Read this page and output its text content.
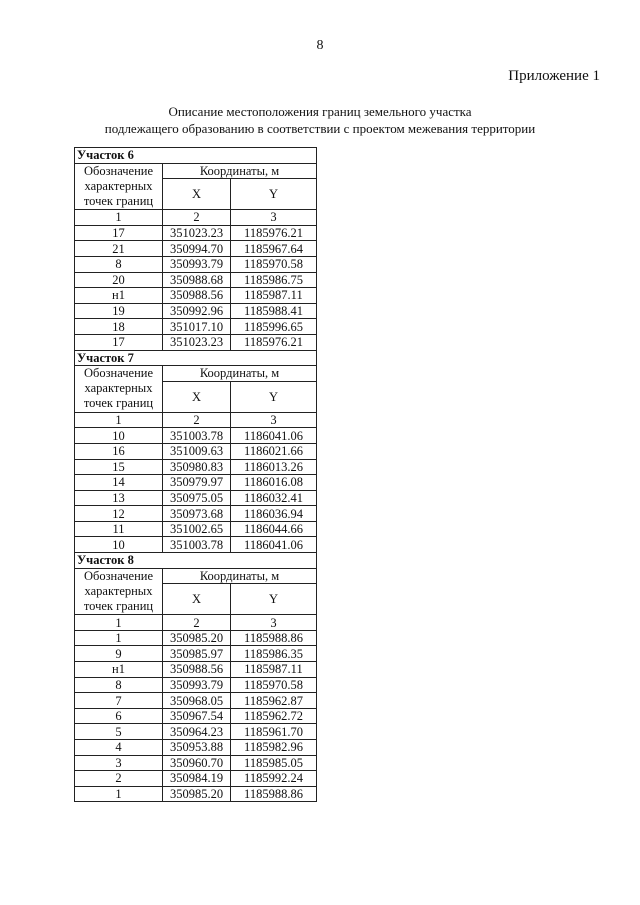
8
Приложение 1
Описание местоположения границ земельного участка
подлежащего образованию в соответствии с проектом межевания территории
Участок 6		

Обозначение
характерных
точек границ	Координаты, м	
	X	Y
1	2	3
17	351023.23	1185976.21
21	350994.70	1185967.64
8	350993.79	1185970.58
20	350988.68	1185986.75
н1	350988.56	1185987.11
19	350992.96	1185988.41
18	351017.10	1185996.65
17	351023.23	1185976.21
Участок 7		

Обозначение
характерных
точек границ	Координаты, м	
	X	Y
1	2	3
10	351003.78	1186041.06
16	351009.63	1186021.66
15	350980.83	1186013.26
14	350979.97	1186016.08
13	350975.05	1186032.41
12	350973.68	1186036.94
11	351002.65	1186044.66
10	351003.78	1186041.06
Участок 8		

Обозначение
характерных
точек границ	Координаты, м	
	X	Y
1	2	3
1	350985.20	1185988.86
9	350985.97	1185986.35
н1	350988.56	1185987.11
8	350993.79	1185970.58
7	350968.05	1185962.87
6	350967.54	1185962.72
5	350964.23	1185961.70
4	350953.88	1185982.96
3	350960.70	1185985.05
2	350984.19	1185992.24
1	350985.20	1185988.86
